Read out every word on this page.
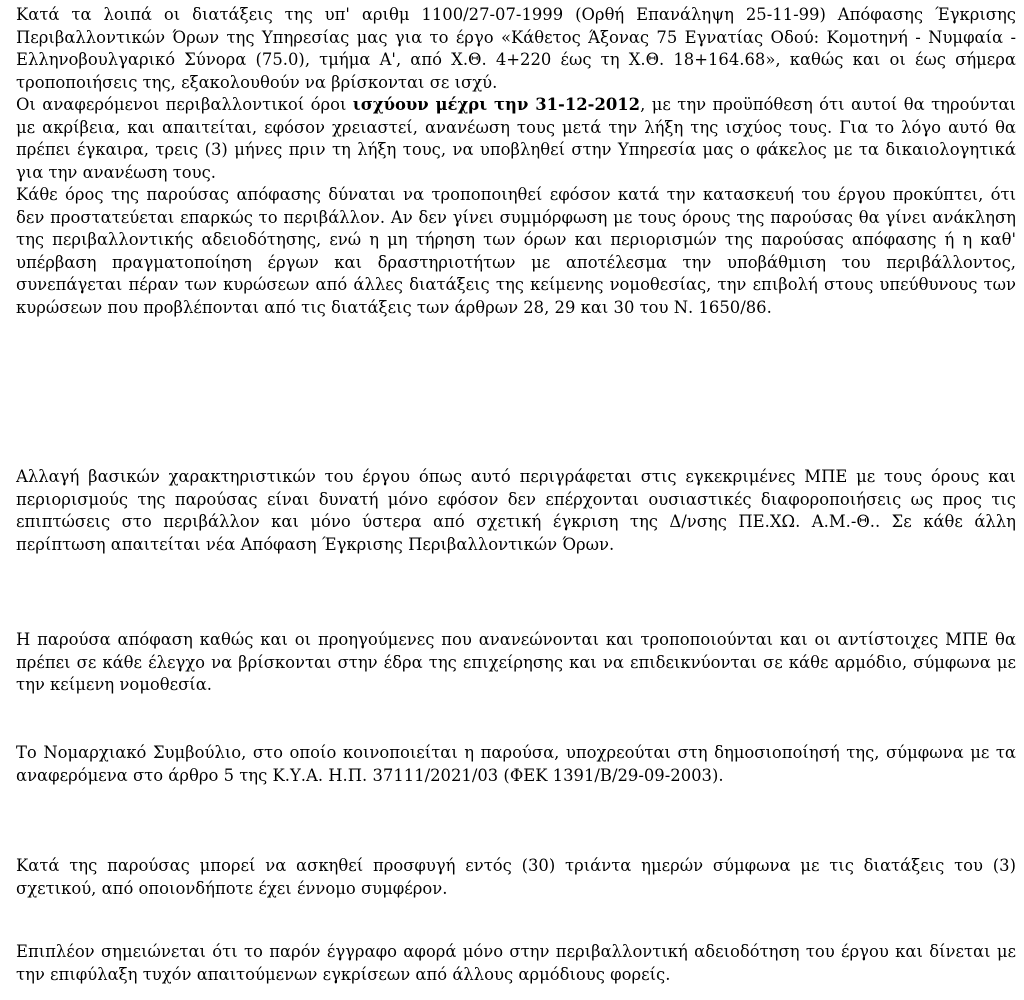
Κατά τα λοιπά οι διατάξεις της υπ' αριθμ 1100/27-07-1999 (Ορθή Επανάληψη 25-11-99) Απόφασης Έγκρισης Περιβαλλοντικών Όρων της Υπηρεσίας μας για το έργο «Κάθετος Άξονας 75 Εγνατίας Οδού: Κομοτηνή - Νυμφαία - Ελληνοβουλγαρικό Σύνορα (75.0), τμήμα Α', από Χ.Θ. 4+220 έως τη Χ.Θ. 18+164.68», καθώς και οι έως σήμερα τροποποιήσεις της, εξακολουθούν να βρίσκονται σε ισχύ.

Οι αναφερόμενοι περιβαλλοντικοί όροι ισχύουν μέχρι την 31-12-2012, με την προϋπόθεση ότι αυτοί θα τηρούνται με ακρίβεια, και απαιτείται, εφόσον χρειαστεί, ανανέωση τους μετά την λήξη της ισχύος τους. Για το λόγο αυτό θα πρέπει έγκαιρα, τρεις (3) μήνες πριν τη λήξη τους, να υποβληθεί στην Υπηρεσία μας ο φάκελος με τα δικαιολογητικά για την ανανέωση τους.

Κάθε όρος της παρούσας απόφασης δύναται να τροποποιηθεί εφόσον κατά την κατασκευή του έργου προκύπτει, ότι δεν προστατεύεται επαρκώς το περιβάλλον. Αν δεν γίνει συμμόρφωση με τους όρους της παρούσας θα γίνει ανάκληση της περιβαλλοντικής αδειοδότησης, ενώ η μη τήρηση των όρων και περιορισμών της παρούσας απόφασης ή η καθ' υπέρβαση πραγματοποίηση έργων και δραστηριοτήτων με αποτέλεσμα την υποβάθμιση του περιβάλλοντος, συνεπάγεται πέραν των κυρώσεων από άλλες διατάξεις της κείμενης νομοθεσίας, την επιβολή στους υπεύθυνους των κυρώσεων που προβλέπονται από τις διατάξεις των άρθρων 28, 29 και 30 του Ν. 1650/86.

Αλλαγή βασικών χαρακτηριστικών του έργου όπως αυτό περιγράφεται στις εγκεκριμένες ΜΠΕ με τους όρους και περιορισμούς της παρούσας είναι δυνατή μόνο εφόσον δεν επέρχονται ουσιαστικές διαφοροποιήσεις ως προς τις επιπτώσεις στο περιβάλλον και μόνο ύστερα από σχετική έγκριση της Δ/νσης ΠΕ.ΧΩ. Α.Μ.-Θ.. Σε κάθε άλλη περίπτωση απαιτείται νέα Απόφαση Έγκρισης Περιβαλλοντικών Όρων.

Η παρούσα απόφαση καθώς και οι προηγούμενες που ανανεώνονται και τροποποιούνται και οι αντίστοιχες ΜΠΕ θα πρέπει σε κάθε έλεγχο να βρίσκονται στην έδρα της επιχείρησης και να επιδεικνύονται σε κάθε αρμόδιο, σύμφωνα με την κείμενη νομοθεσία.

Το Νομαρχιακό Συμβούλιο, στο οποίο κοινοποιείται η παρούσα, υποχρεούται στη δημοσιοποίησή της, σύμφωνα με τα αναφερόμενα στο άρθρο 5 της Κ.Υ.Α. Η.Π. 37111/2021/03 (ΦΕΚ 1391/Β/29-09-2003).

Κατά της παρούσας μπορεί να ασκηθεί προσφυγή εντός (30) τριάντα ημερών σύμφωνα με τις διατάξεις του (3) σχετικού, από οποιονδήποτε έχει έννομο συμφέρον.

Επιπλέον σημειώνεται ότι το παρόν έγγραφο αφορά μόνο στην περιβαλλοντική αδειοδότηση του έργου και δίνεται με την επιφύλαξη τυχόν απαιτούμενων εγκρίσεων από άλλους αρμόδιους φορείς.
